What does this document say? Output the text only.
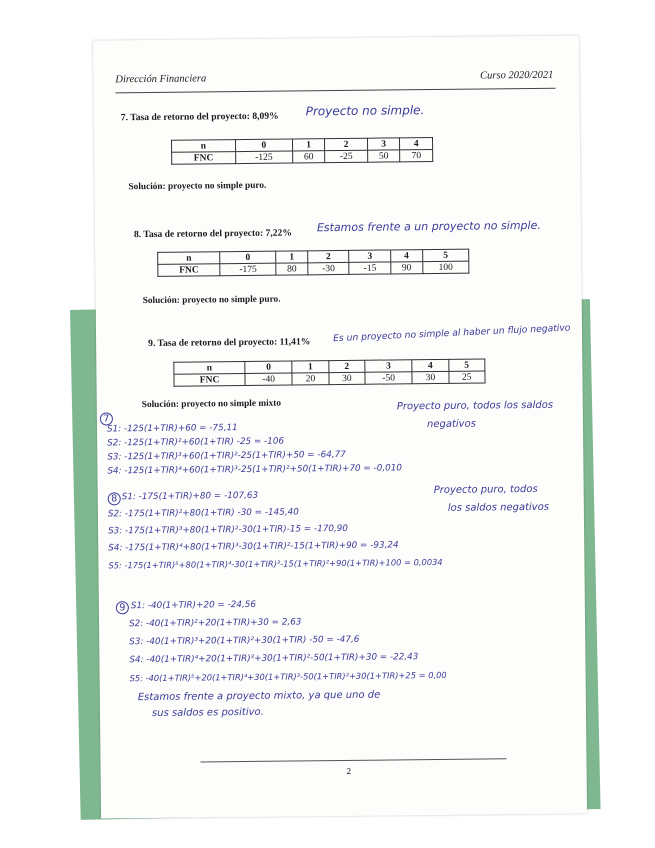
Dirección Financiera	Curso 2020/2021
7. Tasa de retorno del proyecto: 8,09% Proyecto no simple.
n	0	1	2	3	4
FNC	-125	60	-25	50	70
Solución: proyecto no simple puro.
8. Tasa de retorno del proyecto: 7,22% Estamos frente a un proyecto no simple.
n	0	1	2	3	4	5
FNC	-175	80	-30	-15	90	100
Solución: proyecto no simple puro.
9. Tasa de retorno del proyecto: 11,41% Es un proyecto no simple al haber un flujo negativo
n	0	1	2	3	4	5
FNC	-40	20	30	-50	30	25
Solución: proyecto no simple mixto
7
S1: -125(1+TIR)+60 = -75,11
S2: -125(1+TIR)²+60(1+TIR) -25 = -106
S3: -125(1+TIR)³+60(1+TIR)²-25(1+TIR)+50 = -64,77
S4: -125(1+TIR)⁴+60(1+TIR)³-25(1+TIR)²+50(1+TIR)+70 = -0,010
Proyecto puro, todos los saldos
negativos
8 S1: -175(1+TIR)+80 = -107,63
S2: -175(1+TIR)²+80(1+TIR) -30 = -145,40
S3: -175(1+TIR)³+80(1+TIR)²-30(1+TIR)-15 = -170,90
S4: -175(1+TIR)⁴+80(1+TIR)³-30(1+TIR)²-15(1+TIR)+90 = -93,24
S5: -175(1+TIR)⁵+80(1+TIR)⁴-30(1+TIR)³-15(1+TIR)²+90(1+TIR)+100 = 0,0034
Proyecto puro, todos
los saldos negativos
9 S1: -40(1+TIR)+20 = -24,56
S2: -40(1+TIR)²+20(1+TIR)+30 = 2,63
S3: -40(1+TIR)³+20(1+TIR)²+30(1+TIR) -50 = -47,6
S4: -40(1+TIR)⁴+20(1+TIR)³+30(1+TIR)²-50(1+TIR)+30 = -22,43
S5: -40(1+TIR)⁵+20(1+TIR)⁴+30(1+TIR)³-50(1+TIR)²+30(1+TIR)+25 = 0,00
Estamos frente a proyecto mixto, ya que uno de
sus saldos es positivo.
2
